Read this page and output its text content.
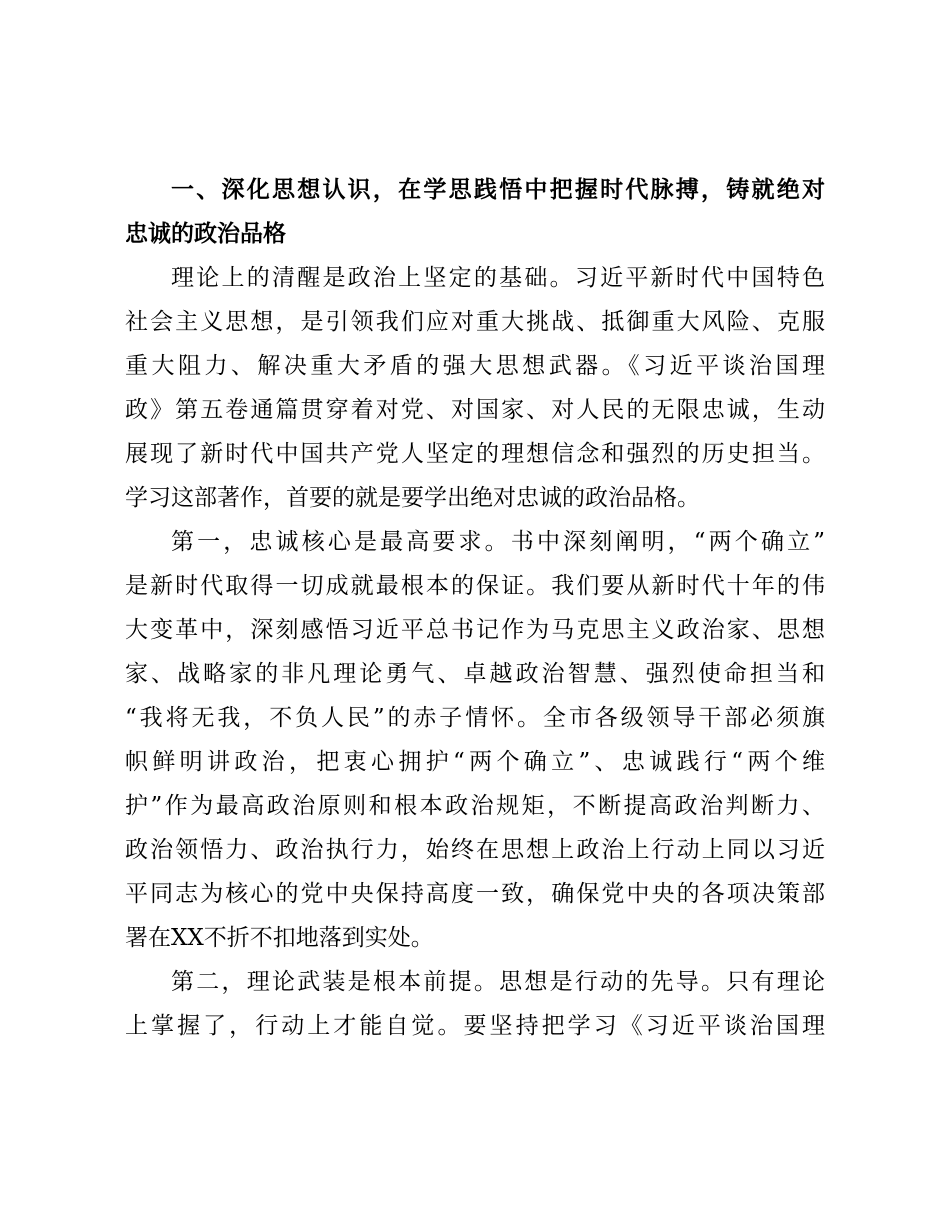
一、深化思想认识，在学思践悟中把握时代脉搏，铸就绝对
忠诚的政治品格
理论上的清醒是政治上坚定的基础。习近平新时代中国特色
社会主义思想，是引领我们应对重大挑战、抵御重大风险、克服
重大阻力、解决重大矛盾的强大思想武器。《习近平谈治国理
政》第五卷通篇贯穿着对党、对国家、对人民的无限忠诚，生动
展现了新时代中国共产党人坚定的理想信念和强烈的历史担当。
学习这部著作，首要的就是要学出绝对忠诚的政治品格。
第一，忠诚核心是最高要求。书中深刻阐明，“两个确立”
是新时代取得一切成就最根本的保证。我们要从新时代十年的伟
大变革中，深刻感悟习近平总书记作为马克思主义政治家、思想
家、战略家的非凡理论勇气、卓越政治智慧、强烈使命担当和
“我将无我，不负人民”的赤子情怀。全市各级领导干部必须旗
帜鲜明讲政治，把衷心拥护“两个确立”、忠诚践行“两个维
护”作为最高政治原则和根本政治规矩，不断提高政治判断力、
政治领悟力、政治执行力，始终在思想上政治上行动上同以习近
平同志为核心的党中央保持高度一致，确保党中央的各项决策部
署在XX不折不扣地落到实处。
第二，理论武装是根本前提。思想是行动的先导。只有理论
上掌握了，行动上才能自觉。要坚持把学习《习近平谈治国理
